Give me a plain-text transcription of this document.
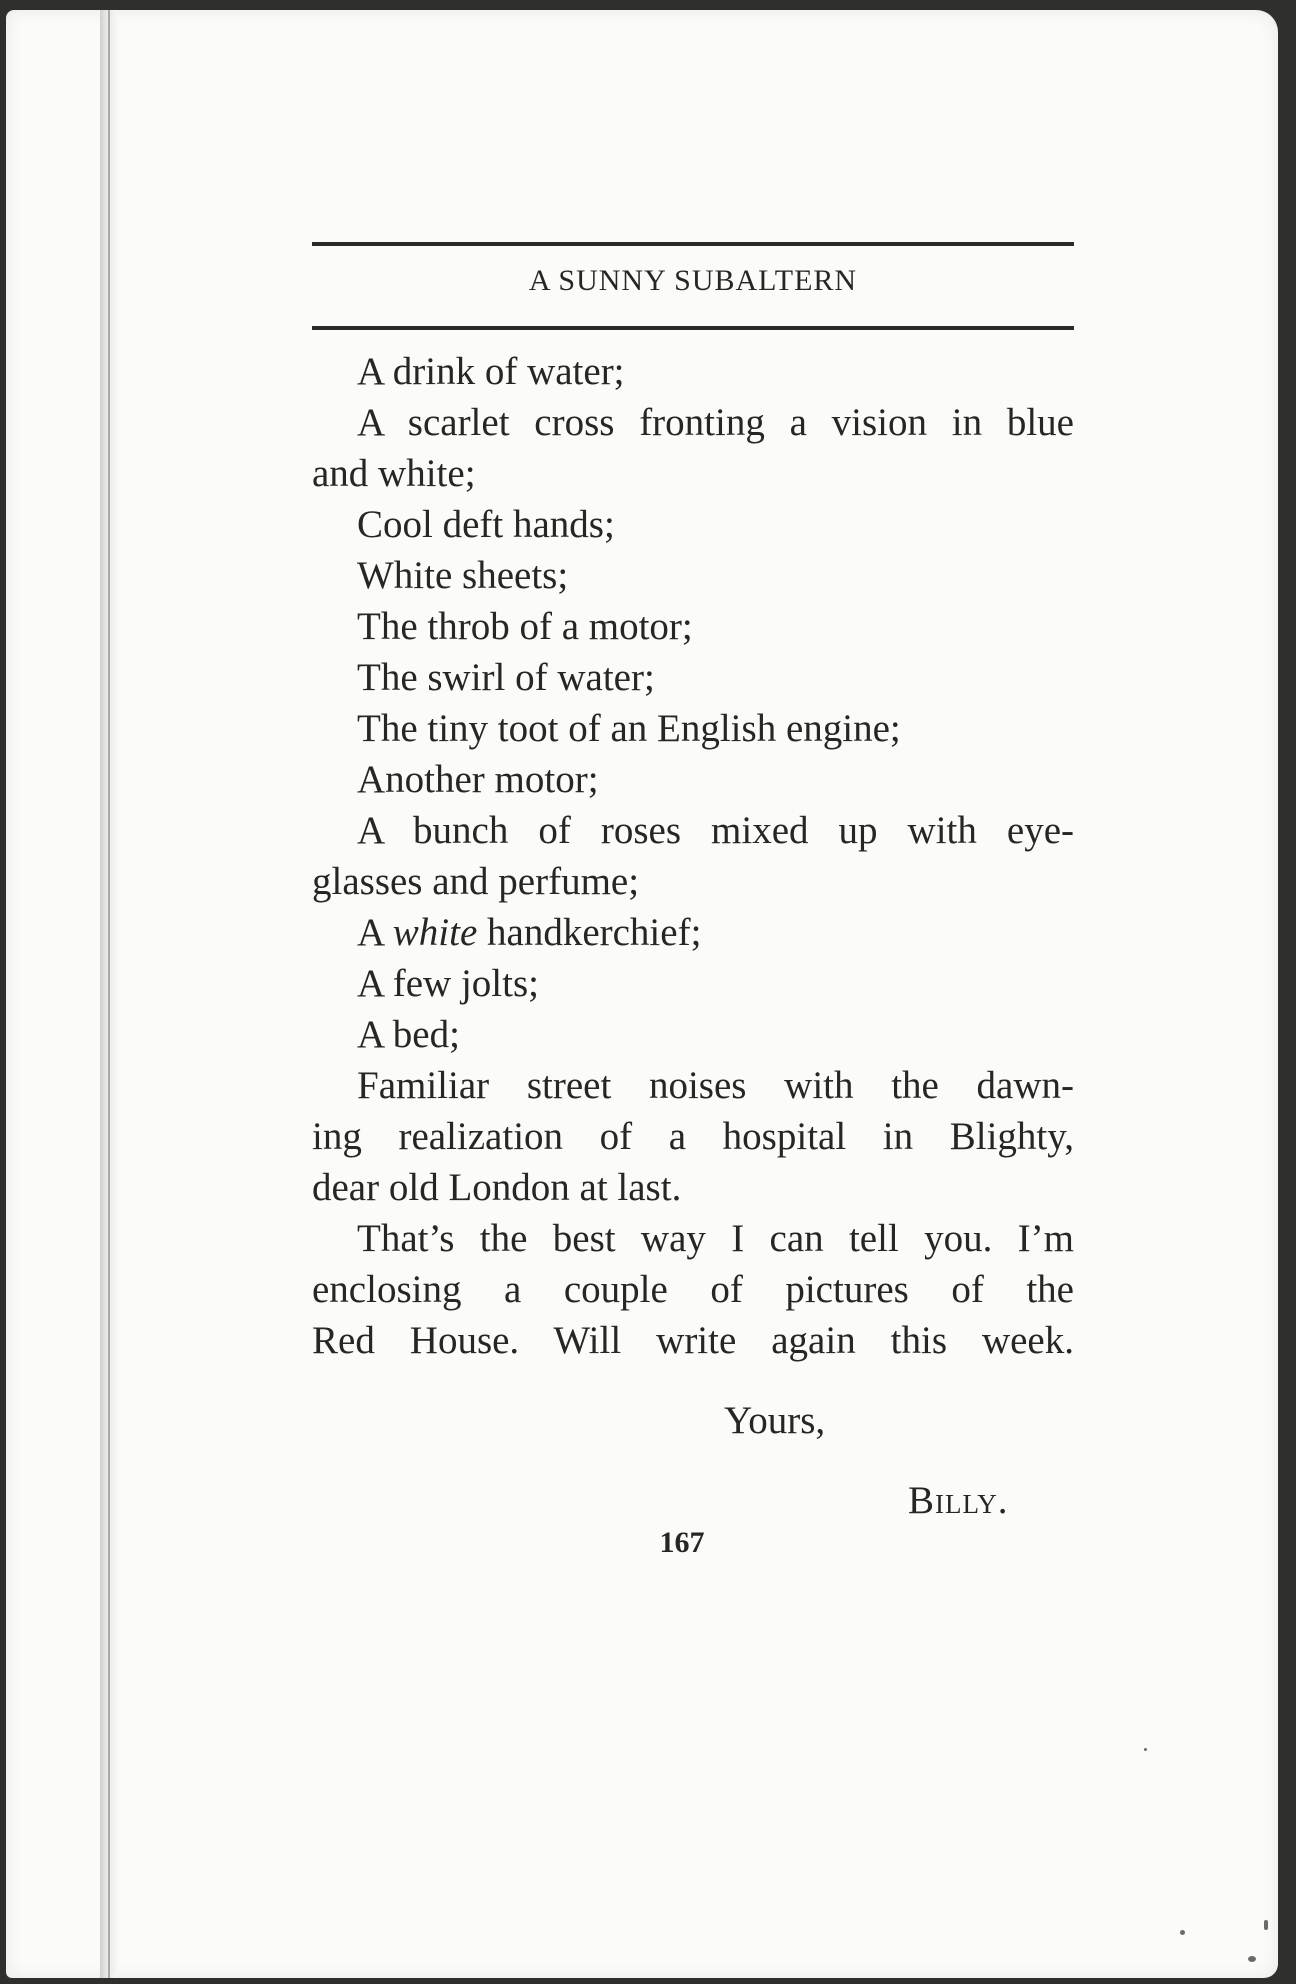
A SUNNY SUBALTERN
A drink of water;
A scarlet cross fronting a vision in blue
and white;
Cool deft hands;
White sheets;
The throb of a motor;
The swirl of water;
The tiny toot of an English engine;
Another motor;
A bunch of roses mixed up with eye-
glasses and perfume;
A white handkerchief;
A few jolts;
A bed;
Familiar street noises with the dawn-
ing realization of a hospital in Blighty,
dear old London at last.
That’s the best way I can tell you. I’m
enclosing a couple of pictures of the
Red House. Will write again this week.
Yours,
Billy.
167
